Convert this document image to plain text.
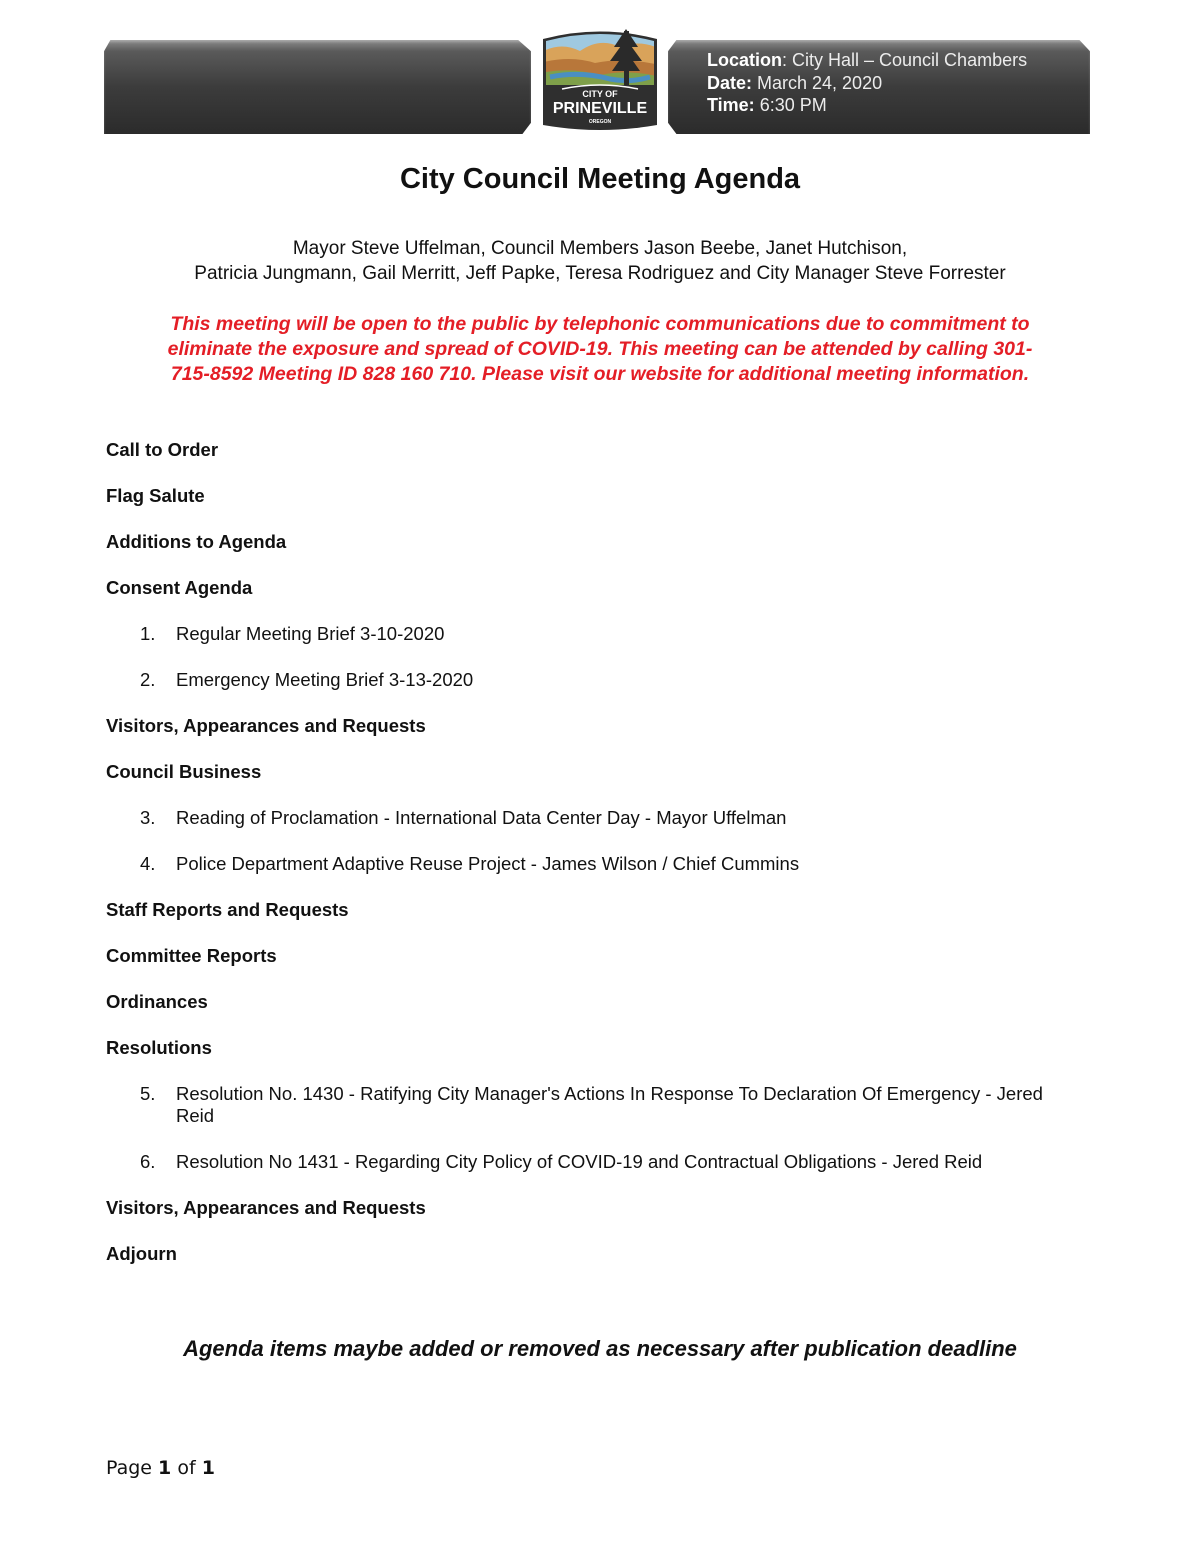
Location: City Hall – Council Chambers
Date: March 24, 2020
Time: 6:30 PM
CITY OF
PRINEVILLE
OREGON
City Council Meeting Agenda
Mayor Steve Uffelman, Council Members Jason Beebe, Janet Hutchison,
Patricia Jungmann, Gail Merritt, Jeff Papke, Teresa Rodriguez and City Manager Steve Forrester
This meeting will be open to the public by telephonic communications due to commitment to
eliminate the exposure and spread of COVID-19. This meeting can be attended by calling 301-
715-8592 Meeting ID 828 160 710. Please visit our website for additional meeting information.
Call to Order
Flag Salute
Additions to Agenda
Consent Agenda
1.	Regular Meeting Brief 3-10-2020
2.	Emergency Meeting Brief 3-13-2020
Visitors, Appearances and Requests
Council Business
3.	Reading of Proclamation - International Data Center Day - Mayor Uffelman
4.	Police Department Adaptive Reuse Project - James Wilson / Chief Cummins
Staff Reports and Requests
Committee Reports
Ordinances
Resolutions
5.	Resolution No. 1430 - Ratifying City Manager's Actions In Response To Declaration Of Emergency - Jered Reid
6.	Resolution No 1431 - Regarding City Policy of COVID-19 and Contractual Obligations - Jered Reid
Visitors, Appearances and Requests
Adjourn
Agenda items maybe added or removed as necessary after publication deadline
Page 1 of 1
